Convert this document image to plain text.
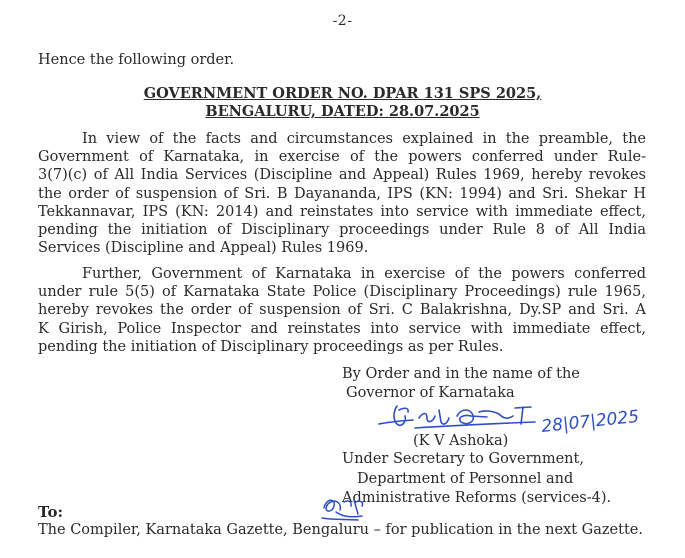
-2-
Hence the following order.
GOVERNMENT ORDER NO. DPAR 131 SPS 2025,
BENGALURU, DATED: 28.07.2025
In view of the facts and circumstances explained in the preamble, the
Government of Karnataka, in exercise of the powers conferred under Rule-
3(7)(c) of All India Services (Discipline and Appeal) Rules 1969, hereby revokes
the order of suspension of Sri. B Dayananda, IPS (KN: 1994) and Sri. Shekar H
Tekkannavar, IPS (KN: 2014) and reinstates into service with immediate effect,
pending the initiation of Disciplinary proceedings under Rule 8 of All India
Services (Discipline and Appeal) Rules 1969.
Further, Government of Karnataka in exercise of the powers conferred
under rule 5(5) of Karnataka State Police (Disciplinary Proceedings) rule 1965,
hereby revokes the order of suspension of Sri. C Balakrishna, Dy.SP and Sri. A
K Girish, Police Inspector and reinstates into service with immediate effect,
pending the initiation of Disciplinary proceedings as per Rules.
By Order and in the name of the
Governor of Karnataka
28|07|2025
(K V Ashoka)
Under Secretary to Government,
Department of Personnel and
Administrative Reforms (services-4).
To:
The Compiler, Karnataka Gazette, Bengaluru – for publication in the next Gazette.
